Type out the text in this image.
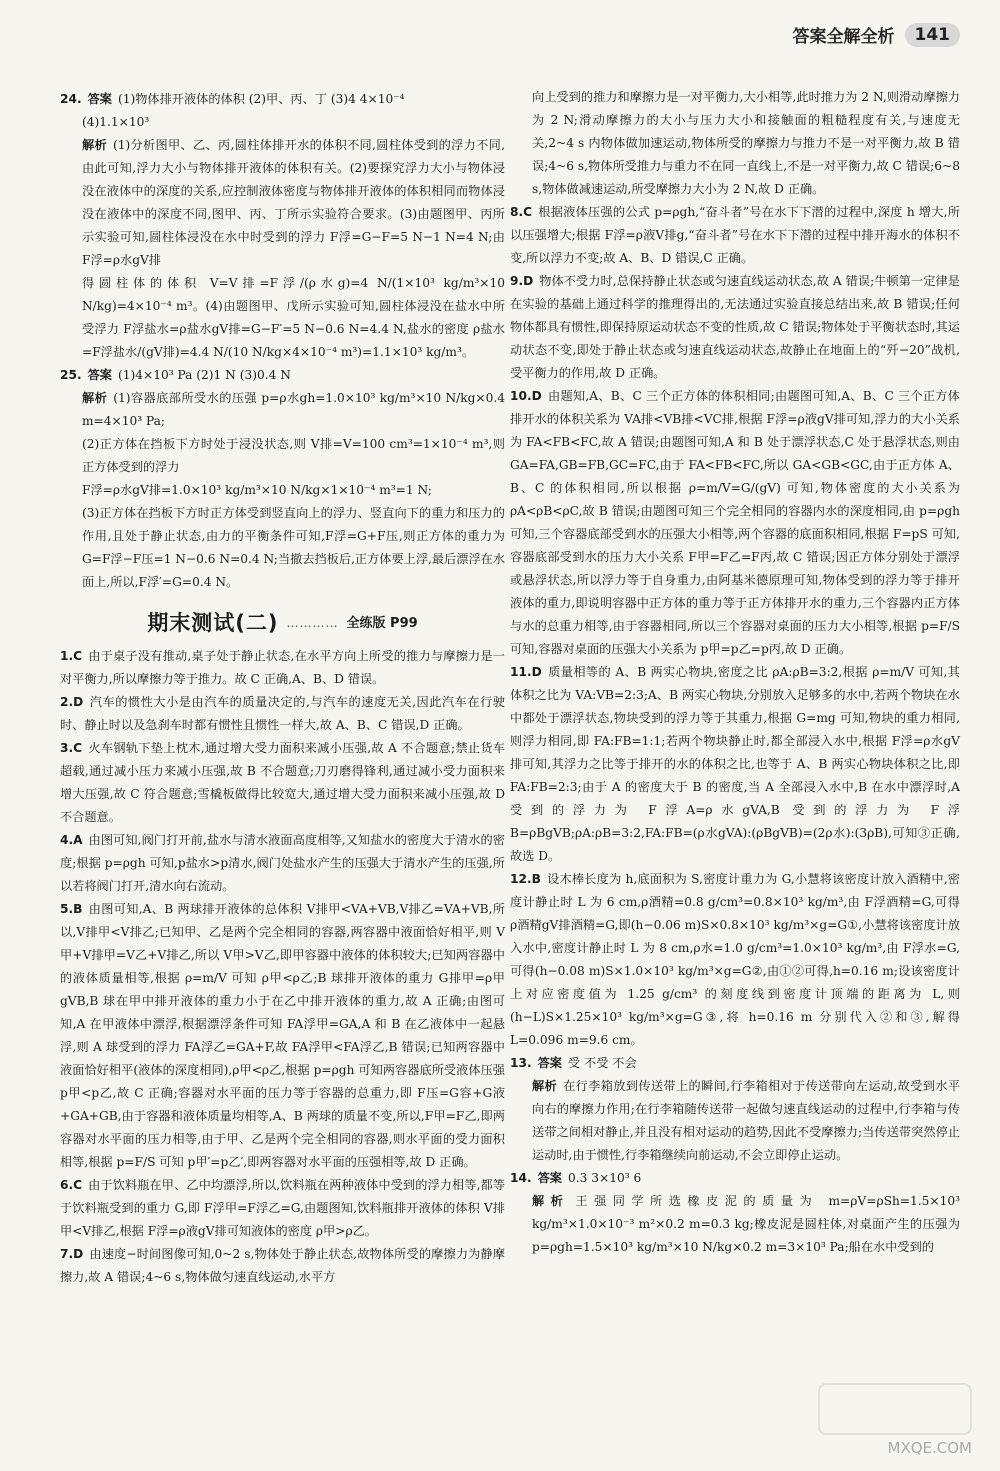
答案全解全析	141

24. 答案 (1)物体排开液体的体积 (2)甲、丙、丁 (3)4 4×10⁻⁴

(4)1.1×10³

解析 (1)分析图甲、乙、丙,圆柱体排开水的体积不同,圆柱体受到的浮力不同,由此可知,浮力大小与物体排开液体的体积有关。(2)要探究浮力大小与物体浸没在液体中的深度的关系,应控制液体密度与物体排开液体的体积相同而物体浸没在液体中的深度不同,图甲、丙、丁所示实验符合要求。(3)由题图甲、丙所示实验可知,圆柱体浸没在水中时受到的浮力 F浮=G−F=5 N−1 N=4 N;由 F浮=ρ水gV排

得圆柱体的体积 V=V排=F浮/(ρ水g)=4 N/(1×10³ kg/m³×10 N/kg)=4×10⁻⁴ m³。(4)由题图甲、戊所示实验可知,圆柱体浸没在盐水中所受浮力 F浮盐水=ρ盐水gV排=G−F′=5 N−0.6 N=4.4 N,盐水的密度 ρ盐水=F浮盐水/(gV排)=4.4 N/(10 N/kg×4×10⁻⁴ m³)=1.1×10³ kg/m³。

25. 答案 (1)4×10³ Pa (2)1 N (3)0.4 N

解析 (1)容器底部所受水的压强 p=ρ水gh=1.0×10³ kg/m³×10 N/kg×0.4 m=4×10³ Pa;

(2)正方体在挡板下方时处于浸没状态,则 V排=V=100 cm³=1×10⁻⁴ m³,则正方体受到的浮力

F浮=ρ水gV排=1.0×10³ kg/m³×10 N/kg×1×10⁻⁴ m³=1 N;

(3)正方体在挡板下方时正方体受到竖直向上的浮力、竖直向下的重力和压力的作用,且处于静止状态,由力的平衡条件可知,F浮=G+F压,则正方体的重力为 G=F浮−F压=1 N−0.6 N=0.4 N;当撤去挡板后,正方体要上浮,最后漂浮在水面上,所以,F浮′=G=0.4 N。

期末测试(二) ………… 全练版 P99

1.C 由于桌子没有推动,桌子处于静止状态,在水平方向上所受的推力与摩擦力是一对平衡力,所以摩擦力等于推力。故 C 正确,A、B、D 错误。

2.D 汽车的惯性大小是由汽车的质量决定的,与汽车的速度无关,因此汽车在行驶时、静止时以及急刹车时都有惯性且惯性一样大,故 A、B、C 错误,D 正确。

3.C 火车钢轨下垫上枕木,通过增大受力面积来减小压强,故 A 不合题意;禁止货车超载,通过减小压力来减小压强,故 B 不合题意;刀刃磨得锋利,通过减小受力面积来增大压强,故 C 符合题意;雪橇板做得比较宽大,通过增大受力面积来减小压强,故 D 不合题意。

4.A 由图可知,阀门打开前,盐水与清水液面高度相等,又知盐水的密度大于清水的密度;根据 p=ρgh 可知,p盐水>p清水,阀门处盐水产生的压强大于清水产生的压强,所以若将阀门打开,清水向右流动。

5.B 由图可知,A、B 两球排开液体的总体积 V排甲<VA+VB,V排乙=VA+VB,所以,V排甲<V排乙;已知甲、乙是两个完全相同的容器,两容器中液面恰好相平,则 V甲+V排甲=V乙+V排乙,所以 V甲>V乙,即甲容器中液体的体积较大;已知两容器中的液体质量相等,根据 ρ=m/V 可知 ρ甲<ρ乙;B 球排开液体的重力 G排甲=ρ甲gVB,B 球在甲中排开液体的重力小于在乙中排开液体的重力,故 A 正确;由图可知,A 在甲液体中漂浮,根据漂浮条件可知 FA浮甲=GA,A 和 B 在乙液体中一起悬浮,则 A 球受到的浮力 FA浮乙=GA+F,故 FA浮甲<FA浮乙,B 错误;已知两容器中液面恰好相平(液体的深度相同),ρ甲<ρ乙,根据 p=ρgh 可知两容器底所受液体压强 p甲<p乙,故 C 正确;容器对水平面的压力等于容器的总重力,即 F压=G容+G液+GA+GB,由于容器和液体质量均相等,A、B 两球的质量不变,所以,F甲=F乙,即两容器对水平面的压力相等,由于甲、乙是两个完全相同的容器,则水平面的受力面积相等,根据 p=F/S 可知 p甲′=p乙′,即两容器对水平面的压强相等,故 D 正确。

6.C 由于饮料瓶在甲、乙中均漂浮,所以,饮料瓶在两种液体中受到的浮力相等,都等于饮料瓶受到的重力 G,即 F浮甲=F浮乙=G,由题图知,饮料瓶排开液体的体积 V排甲<V排乙,根据 F浮=ρ液gV排可知液体的密度 ρ甲>ρ乙。

7.D 由速度−时间图像可知,0~2 s,物体处于静止状态,故物体所受的摩擦力为静摩擦力,故 A 错误;4~6 s,物体做匀速直线运动,水平方

向上受到的推力和摩擦力是一对平衡力,大小相等,此时推力为 2 N,则滑动摩擦力为 2 N;滑动摩擦力的大小与压力大小和接触面的粗糙程度有关,与速度无关,2~4 s 内物体做加速运动,物体所受的摩擦力与推力不是一对平衡力,故 B 错误;4~6 s,物体所受推力与重力不在同一直线上,不是一对平衡力,故 C 错误;6~8 s,物体做减速运动,所受摩擦力大小为 2 N,故 D 正确。

8.C 根据液体压强的公式 p=ρgh,“奋斗者”号在水下下潜的过程中,深度 h 增大,所以压强增大;根据 F浮=ρ液V排g,“奋斗者”号在水下下潜的过程中排开海水的体积不变,所以浮力不变;故 A、B、D 错误,C 正确。

9.D 物体不受力时,总保持静止状态或匀速直线运动状态,故 A 错误;牛顿第一定律是在实验的基础上通过科学的推理得出的,无法通过实验直接总结出来,故 B 错误;任何物体都具有惯性,即保持原运动状态不变的性质,故 C 错误;物体处于平衡状态时,其运动状态不变,即处于静止状态或匀速直线运动状态,故静止在地面上的“歼−20”战机,受平衡力的作用,故 D 正确。

10.D 由题知,A、B、C 三个正方体的体积相同;由题图可知,A、B、C 三个正方体排开水的体积关系为 VA排<VB排<VC排,根据 F浮=ρ液gV排可知,浮力的大小关系为 FA<FB<FC,故 A 错误;由题图可知,A 和 B 处于漂浮状态,C 处于悬浮状态,则由 GA=FA,GB=FB,GC=FC,由于 FA<FB<FC,所以 GA<GB<GC,由于正方体 A、B、C 的体积相同,所以根据 ρ=m/V=G/(gV) 可知,物体密度的大小关系为 ρA<ρB<ρC,故 B 错误;由题图可知三个完全相同的容器内水的深度相同,由 p=ρgh 可知,三个容器底部受到水的压强大小相等,两个容器的底面积相同,根据 F=pS 可知,容器底部受到水的压力大小关系 F甲=F乙=F丙,故 C 错误;因正方体分别处于漂浮或悬浮状态,所以浮力等于自身重力,由阿基米德原理可知,物体受到的浮力等于排开液体的重力,即说明容器中正方体的重力等于正方体排开水的重力,三个容器内正方体与水的总重力相等,由于容器相同,所以三个容器对桌面的压力大小相等,根据 p=F/S 可知,容器对桌面的压强大小关系为 p甲=p乙=p丙,故 D 正确。

11.D 质量相等的 A、B 两实心物块,密度之比 ρA:ρB=3:2,根据 ρ=m/V 可知,其体积之比为 VA:VB=2:3;A、B 两实心物块,分别放入足够多的水中,若两个物块在水中都处于漂浮状态,物块受到的浮力等于其重力,根据 G=mg 可知,物块的重力相同,则浮力相同,即 FA:FB=1:1;若两个物块静止时,都全部浸入水中,根据 F浮=ρ水gV排可知,其浮力之比等于排开的水的体积之比,也等于 A、B 两实心物块体积之比,即 FA:FB=2:3;由于 A 的密度大于 B 的密度,当 A 全部浸入水中,B 在水中漂浮时,A 受到的浮力为 F浮A=ρ水gVA,B 受到的浮力为 F浮B=ρBgVB;ρA:ρB=3:2,FA:FB=(ρ水gVA):(ρBgVB)=(2ρ水):(3ρB),可知③正确,故选 D。

12.B 设木棒长度为 h,底面积为 S,密度计重力为 G,小慧将该密度计放入酒精中,密度计静止时 L 为 6 cm,ρ酒精=0.8 g/cm³=0.8×10³ kg/m³,由 F浮酒精=G,可得 ρ酒精gV排酒精=G,即(h−0.06 m)S×0.8×10³ kg/m³×g=G①,小慧将该密度计放入水中,密度计静止时 L 为 8 cm,ρ水=1.0 g/cm³=1.0×10³ kg/m³,由 F浮水=G,可得(h−0.08 m)S×1.0×10³ kg/m³×g=G②,由①②可得,h=0.16 m;设该密度计上对应密度值为 1.25 g/cm³ 的刻度线到密度计顶端的距离为 L,则(h−L)S×1.25×10³ kg/m³×g=G③,将 h=0.16 m 分别代入②和③,解得 L=0.096 m=9.6 cm。

13. 答案 受 不受 不会

解析 在行李箱放到传送带上的瞬间,行李箱相对于传送带向左运动,故受到水平向右的摩擦力作用;在行李箱随传送带一起做匀速直线运动的过程中,行李箱与传送带之间相对静止,并且没有相对运动的趋势,因此不受摩擦力;当传送带突然停止运动时,由于惯性,行李箱继续向前运动,不会立即停止运动。

14. 答案 0.3 3×10³ 6

解析 王强同学所选橡皮泥的质量为 m=ρV=ρSh=1.5×10³ kg/m³×1.0×10⁻³ m²×0.2 m=0.3 kg;橡皮泥是圆柱体,对桌面产生的压强为 p=ρgh=1.5×10³ kg/m³×10 N/kg×0.2 m=3×10³ Pa;船在水中受到的

MXQE.COM
